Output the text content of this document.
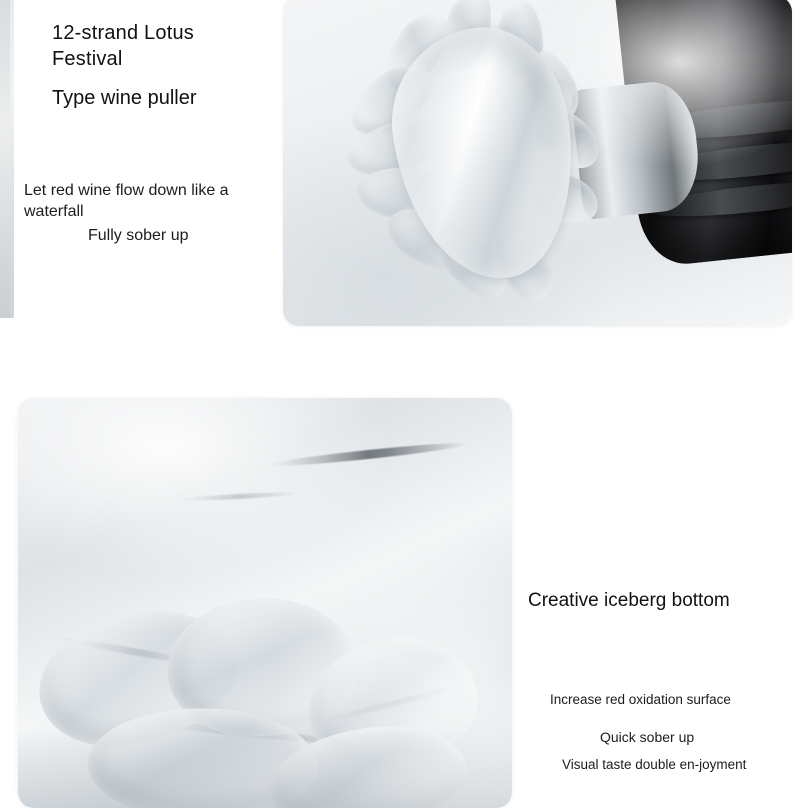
12-strand Lotus Festival
Type wine puller
Let red wine flow down like a waterfall
Fully sober up
Creative iceberg bottom
Increase red oxidation surface
Quick sober up
Visual taste double en-joyment
